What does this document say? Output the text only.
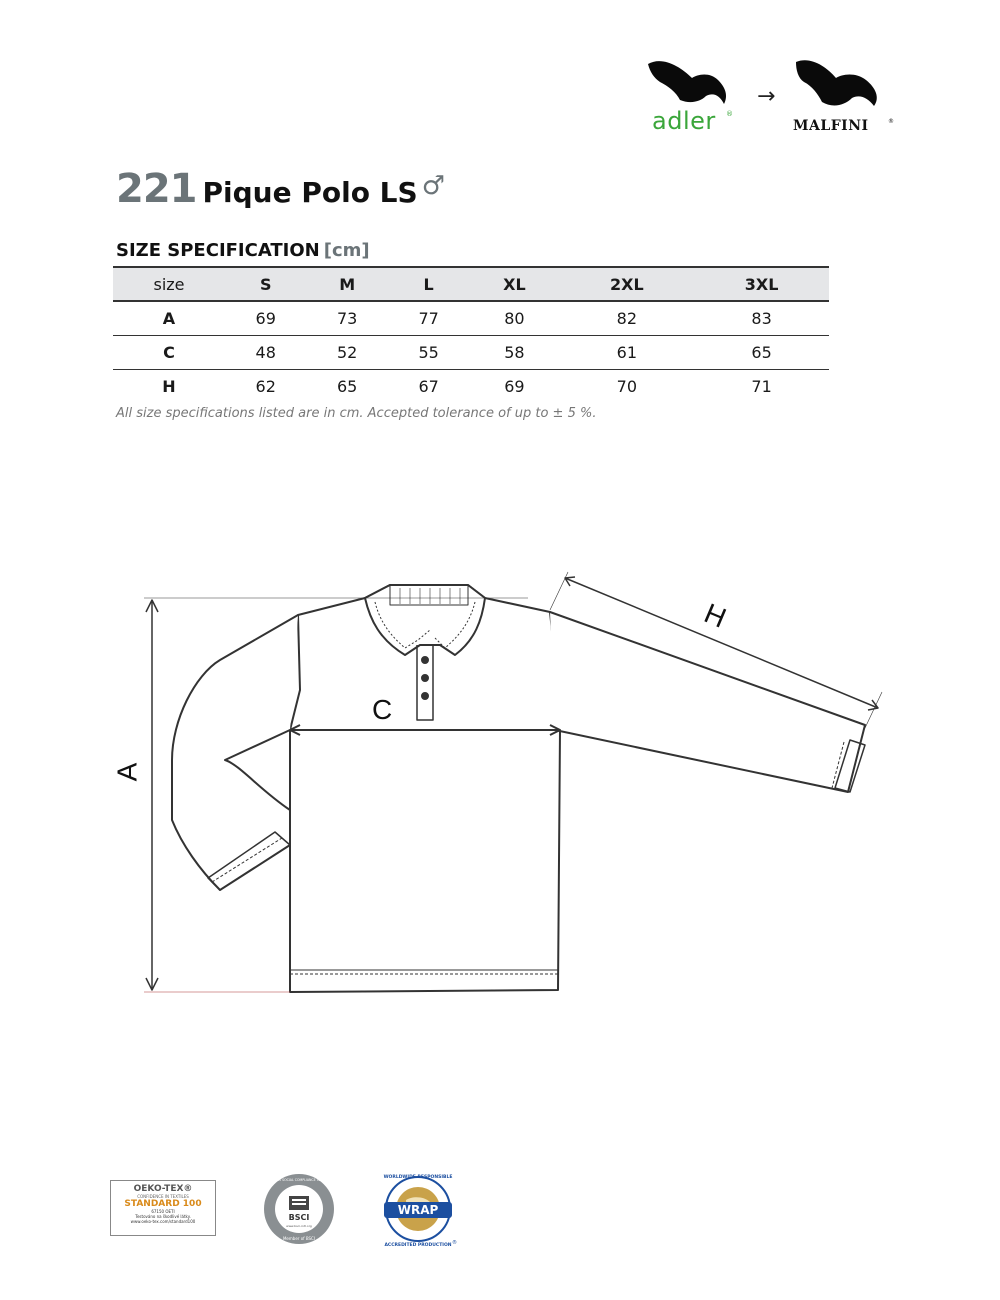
adler ®
→
MALFINI	®
221 Pique Polo LS ♂
SIZE SPECIFICATION [cm]
size	S	M	L	XL	2XL	3XL
A	69	73	77	80	82	83
C	48	52	55	58	61	65
H	62	65	67	69	70	71
All size specifications listed are in cm. Accepted tolerance of up to ± 5 %.
A
C
H
OEKO-TEX®
CONFIDENCE IN TEXTILES
STANDARD 100
67150 OETI
Testováno na škodlivé látky.
www.oeko-tex.com/standard100	BSCI
www.bsci-intl.org
Member of BSCI
BUSINESS SOCIAL COMPLIANCE INITIATIVE
WRAP
WORLDWIDE RESPONSIBLE
ACCREDITED PRODUCTION ®
